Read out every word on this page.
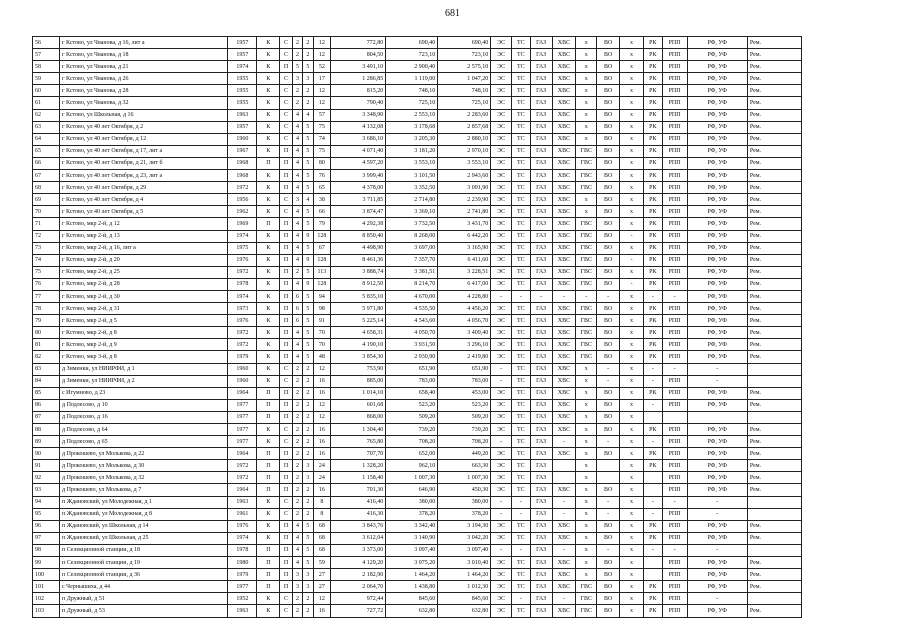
681
56	г Кстово, ул Чванова, д 16, лит а	1957	К	С	2	2	12	772,80	690,40	690,40	ЭС	ТС	ГАЗ	ХВС	х	ВО	х	РК	РПП	РФ, УФ	Рем.
57	г Кстово, ул Чванова, д 18	1957	К	С	2	2	12	804,50	723,10	723,10	ЭС	ТС	ГАЗ	ХВС	х	ВО	х	РК	РПП	РФ, УФ	Рем.
58	г Кстово, ул Чванова, д 21	1974	К	П	5	5	52	3 491,10	2 900,40	2 575,10	ЭС	ТС	ГАЗ	ХВС	х	ВО	х	РК	РПП	РФ, УФ	Рем.
59	г Кстово, ул Чванова, д 26	1955	К	С	3	3	17	1 286,85	1 119,00	1 047,20	ЭС	ТС	ГАЗ	ХВС	х	ВО	х	РК	РПП	РФ, УФ	Рем.
60	г Кстово, ул Чванова, д 28	1955	К	С	2	2	12	815,20	748,10	748,10	ЭС	ТС	ГАЗ	ХВС	х	ВО	х	РК	РПП	РФ, УФ	Рем.
61	г Кстово, ул Чванова, д 32	1955	К	С	2	2	12	790,40	725,10	725,10	ЭС	ТС	ГАЗ	ХВС	х	ВО	х	РК	РПП	РФ, УФ	Рем.
62	г Кстово, ул Школьная, д 16	1963	К	С	4	4	57	3 348,90	2 553,10	2 283,60	ЭС	ТС	ГАЗ	ХВС	х	ВО	х	РК	РПП	РФ, УФ	Рем.
63	г Кстово, ул 40 лет Октября, д 2	1957	К	С	4	5	75	4 132,08	3 178,68	2 857,68	ЭС	ТС	ГАЗ	ХВС	х	ВО	х	РК	РПП	РФ, УФ	Рем.
64	г Кстово, ул 40 лет Октября, д 12	1960	К	С	4	5	74	3 686,10	3 205,30	2 880,10	ЭС	ТС	ГАЗ	ХВС	х	ВО	х	РК	РПП	РФ, УФ	Рем.
65	г Кстово, ул 40 лет Октября, д 17, лит а	1967	К	П	4	5	75	4 071,40	3 181,20	2 970,10	ЭС	ТС	ГАЗ	ХВС	ГВС	ВО	х	РК	РПП	РФ, УФ	Рем.
66	г Кстово, ул 40 лет Октября, д 21, лит б	1968	П	П	4	5	80	4 597,20	3 553,10	3 553,10	ЭС	ТС	ГАЗ	ХВС	ГВС	ВО	х	РК	РПП	РФ, УФ	Рем.
67	г Кстово, ул 40 лет Октября, д 23, лит а	1968	К	П	4	5	76	3 999,40	3 101,50	2 943,60	ЭС	ТС	ГАЗ	ХВС	ГВС	ВО	х	РК	РПП	РФ, УФ	Рем.
68	г Кстово, ул 40 лет Октября, д 29	1972	К	П	4	5	65	4 378,00	3 352,50	3 091,90	ЭС	ТС	ГАЗ	ХВС	ГВС	ВО	х	РК	РПП	РФ, УФ	Рем.
69	г Кстово, ул 40 лет Октября, д 4	1956	К	С	3	4	38	3 711,85	2 714,80	2 239,90	ЭС	ТС	ГАЗ	ХВС	х	ВО	х	РК	РПП	РФ, УФ	Рем.
70	г Кстово, ул 40 лет Октября, д 5	1962	К	С	4	5	66	3 874,47	3 369,10	2 741,80	ЭС	ТС	ГАЗ	ХВС	х	ВО	х	РК	РПП	РФ, УФ	Рем.
71	г Кстово, мкр 2-й, д 12	1969	П	П	4	5	79	4 292,38	3 732,50	3 431,70	ЭС	ТС	ГАЗ	ХВС	ГВС	ВО	х	РК	РПП	РФ, УФ	Рем.
72	г Кстово, мкр 2-й, д 13	1974	К	П	4	9	128	8 850,40	8 268,00	6 442,20	ЭС	ТС	ГАЗ	ХВС	ГВС	ВО	-	РК	РПП	РФ, УФ	Рем.
73	г Кстово, мкр 2-й, д 16, лит а	1975	К	П	4	5	67	4 498,90	3 697,00	3 165,90	ЭС	ТС	ГАЗ	ХВС	ГВС	ВО	х	РК	РПП	РФ, УФ	Рем.
74	г Кстово, мкр 2-й, д 20	1976	К	П	4	9	128	8 461,36	7 357,70	6 411,60	ЭС	ТС	ГАЗ	ХВС	ГВС	ВО	-	РК	РПП	РФ, УФ	Рем.
75	г Кстово, мкр 2-й, д 25	1972	К	П	2	5	113	3 888,74	3 381,51	3 228,51	ЭС	ТС	ГАЗ	ХВС	ГВС	ВО	х	РК	РПП	РФ, УФ	Рем.
76	г Кстово, мкр 2-й, д 28	1978	К	П	4	9	128	8 912,50	8 214,70	6 417,00	ЭС	ТС	ГАЗ	ХВС	ГВС	ВО	-	РК	РПП	РФ, УФ	Рем.
77	г Кстово, мкр 2-й, д 30	1974	К	П	6	5	94	5 835,10	4 670,00	4 228,80	-	-	-	-	-	-	х	-	-	РФ, УФ	Рем.
78	г Кстово, мкр 2-й, д 31	1973	К	П	6	5	98	5 971,80	4 535,50	4 456,20	ЭС	ТС	ГАЗ	ХВС	ГВС	ВО	х	РК	РПП	РФ, УФ	Рем.
79	г Кстово, мкр 2-й, д 5	1976	К	П	6	5	91	5 225,14	4 543,60	4 056,70	ЭС	ТС	ГАЗ	ХВС	ГВС	ВО	х	РК	РПП	РФ, УФ	Рем.
80	г Кстово, мкр 2-й, д 8	1972	К	П	4	5	70	4 658,31	4 050,70	3 409,40	ЭС	ТС	ГАЗ	ХВС	ГВС	ВО	х	РК	РПП	РФ, УФ	Рем.
81	г Кстово, мкр 2-й, д 9	1972	К	П	4	5	70	4 190,10	3 931,50	3 296,10	ЭС	ТС	ГАЗ	ХВС	ГВС	ВО	х	РК	РПП	РФ, УФ	Рем.
82	г Кстово, мкр 3-й, д 8	1979	К	П	4	5	48	3 854,30	2 930,90	2 419,80	ЭС	ТС	ГАЗ	ХВС	ГВС	ВО	х	РК	РПП	РФ, УФ	Рем.
83	д Зименки, ул НИИРФИ, д 1	1960	К	С	2	2	12	753,90	651,90	651,90	-	ТС	ГАЗ	ХВС	х	-	х	-	-	-	
84	д Зименки, ул НИИРФИ, д 2	1960	К	С	2	2	16	885,00	783,00	783,00	-	ТС	ГАЗ	ХВС	х	-	х	-	РПП	-	
85	с Игумново, д 23	1964	П	П	2	2	16	1 014,10	658,40	453,00	ЭС	ТС	ГАЗ	ХВС	х	ВО	х	РК	РПП	РФ, УФ	Рем.
86	д Подлесово, д 10	1977	П	П	2	2	12	601,68	523,20	523,20	ЭС	ТС	ГАЗ	ХВС	х	ВО	х	-	РПП	РФ, УФ	Рем.
87	д Подлесово, д 16	1977	П	П	2	2	12	868,00	509,20	509,20	ЭС	ТС	ГАЗ	ХВС	х	ВО	х				
88	д Подлесово, д 64	1977	К	С	2	2	16	1 304,40	739,20	739,20	ЭС	ТС	ГАЗ	ХВС	х	ВО	х	РК	РПП	РФ, УФ	Рем.
89	д Подлесово, д 65	1977	К	С	2	2	16	765,80	708,20	708,20	-	ТС	ГАЗ	-	х	-	х	-	РПП	РФ, УФ	Рем.
90	д Прокошево, ул Молькова, д 22	1964	П	П	2	2	16	707,70	652,00	449,20	ЭС	ТС	ГАЗ	ХВС	х	ВО	х	РК	РПП	РФ, УФ	Рем.
91	д Прокошево, ул Молькова, д 30	1972	П	П	2	3	24	1 328,20	962,10	663,30	ЭС	ТС	ГАЗ		х		х	РК	РПП	РФ, УФ	Рем.
92	д Прокошево, ул Молькова, д 32	1972	П	П	2	3	24	1 158,40	1 007,30	1 007,30	ЭС	ТС	ГАЗ		х		х		РПП	РФ, УФ	Рем.
93	д Прокошево, ул Молькова, д 7	1964	П	П	2	2	16	701,30	646,90	450,30	ЭС	ТС	ГАЗ	ХВС	х	ВО	х		РПП	РФ, УФ	Рем.
94	п Ждановский, ул Молодежная, д 1	1963	К	С	2	2	8	416,40	380,00	380,00	-	-	ГАЗ	-	х	-	х	-	-	-	
95	п Ждановский, ул Молодежная, д 8	1961	К	С	2	2	8	416,30	378,20	378,20	-	-	ГАЗ	-	х	-	х	-	РПП	-	
96	п Ждановский, ул Школьная, д 14	1976	К	П	4	5	68	3 843,76	3 342,40	3 194,30	ЭС	ТС	ГАЗ	ХВС	х	ВО	х	РК	РПП	РФ, УФ	Рем.
97	п Ждановский, ул Школьная, д 25	1974	К	П	4	5	68	3 612,04	3 140,90	3 042,20	ЭС	ТС	ГАЗ	ХВС	х	ВО	х	РК	РПП	РФ, УФ	Рем.
98	п Селекционной станции, д 18	1978	П	П	4	5	68	3 373,00	3 097,40	3 097,40	-	-	ГАЗ	-	х	-	х	-	-	-	
99	п Селекционной станции, д 19	1980	П	П	4	5	59	4 129,20	3 075,20	3 010,40	ЭС	ТС	ГАЗ	ХВС	х	ВО	х		РПП	РФ, УФ	Рем.
100	п Селекционной станции, д 36	1979	П	П	3	3	27	2 182,90	1 464,20	1 464,20	ЭС	ТС	ГАЗ	ХВС	х	ВО	х		РПП	РФ, УФ	Рем.
101	с Чернышиха, д 44	1977	П	П	3	3	27	2 064,70	1 438,80	1 012,30	ЭС	ТС	ГАЗ	ХВС	ГВС	ВО	х	РК	РПП	РФ, УФ	Рем.
102	п Дружный, д 51	1952	К	С	2	2	12	972,44	845,60	845,60	ЭС	-	ГАЗ	-	ГВС	ВО	х	РК	РПП	-	
103	п Дружный, д 53	1963	К	С	2	2	16	727,72	632,80	632,80	ЭС	ТС	ГАЗ	ХВС	ГВС	ВО	х	РК	РПП	РФ, УФ	Рем.
